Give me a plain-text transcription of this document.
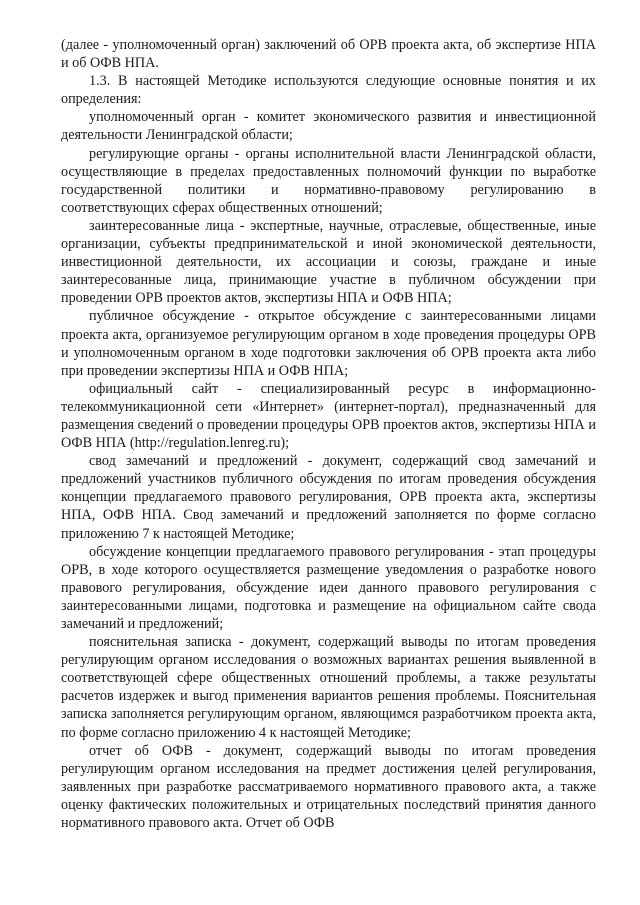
(далее - уполномоченный орган) заключений об ОРВ проекта акта, об экспертизе НПА и об ОФВ НПА.

1.3. В настоящей Методике используются следующие основные понятия и их определения:

уполномоченный орган - комитет экономического развития и инвестиционной деятельности Ленинградской области;

регулирующие органы - органы исполнительной власти Ленинградской области, осуществляющие в пределах предоставленных полномочий функции по выработке государственной политики и нормативно-правовому регулированию в соответствующих сферах общественных отношений;

заинтересованные лица - экспертные, научные, отраслевые, общественные, иные организации, субъекты предпринимательской и иной экономической деятельности, инвестиционной деятельности, их ассоциации и союзы, граждане и иные заинтересованные лица, принимающие участие в публичном обсуждении при проведении ОРВ проектов актов, экспертизы НПА и ОФВ НПА;

публичное обсуждение - открытое обсуждение с заинтересованными лицами проекта акта, организуемое регулирующим органом в ходе проведения процедуры ОРВ и уполномоченным органом в ходе подготовки заключения об ОРВ проекта акта либо при проведении экспертизы НПА и ОФВ НПА;

официальный сайт - специализированный ресурс в информационно-телекоммуникационной сети «Интернет» (интернет-портал), предназначенный для размещения сведений о проведении процедуры ОРВ проектов актов, экспертизы НПА и ОФВ НПА (http://regulation.lenreg.ru);

свод замечаний и предложений - документ, содержащий свод замечаний и предложений участников публичного обсуждения по итогам проведения обсуждения концепции предлагаемого правового регулирования, ОРВ проекта акта, экспертизы НПА, ОФВ НПА. Свод замечаний и предложений заполняется по форме согласно приложению 7 к настоящей Методике;

обсуждение концепции предлагаемого правового регулирования - этап процедуры ОРВ, в ходе которого осуществляется размещение уведомления о разработке нового правового регулирования, обсуждение идеи данного правового регулирования с заинтересованными лицами, подготовка и размещение на официальном сайте свода замечаний и предложений;

пояснительная записка - документ, содержащий выводы по итогам проведения регулирующим органом исследования о возможных вариантах решения выявленной в соответствующей сфере общественных отношений проблемы, а также результаты расчетов издержек и выгод применения вариантов решения проблемы. Пояснительная записка заполняется регулирующим органом, являющимся разработчиком проекта акта, по форме согласно приложению 4 к настоящей Методике;

отчет об ОФВ - документ, содержащий выводы по итогам проведения регулирующим органом исследования на предмет достижения целей регулирования, заявленных при разработке рассматриваемого нормативного правового акта, а также оценку фактических положительных и отрицательных последствий принятия данного нормативного правового акта. Отчет об ОФВ
